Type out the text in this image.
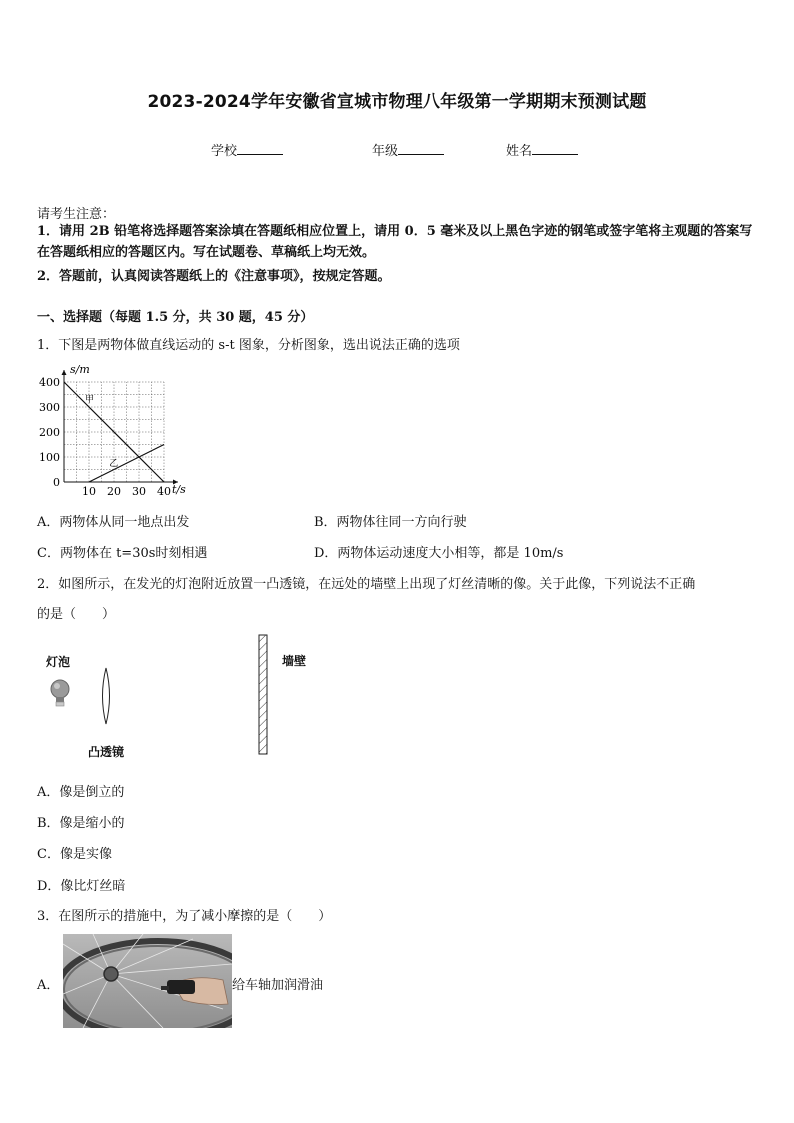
2023-2024学年安徽省宣城市物理八年级第一学期期末预测试题
学校	年级	姓名
请考生注意：
1．请用 2B 铅笔将选择题答案涂填在答题纸相应位置上，请用 0．5 毫米及以上黑色字迹的钢笔或签字笔将主观题的答案写在答题纸相应的答题区内。写在试题卷、草稿纸上均无效。
2．答题前，认真阅读答题纸上的《注意事项》，按规定答题。
一、选择题（每题 1.5 分，共 30 题，45 分）
1．下图是两物体做直线运动的 s-t 图象，分析图象，选出说法正确的选项
甲
乙
0
100
200
300
400
10 20 30 40 t/s
s/m
A．两物体从同一地点出发	B．两物体往同一方向行驶
C．两物体在 t=30s时刻相遇	D．两物体运动速度大小相等，都是 10m/s
2．如图所示，在发光的灯泡附近放置一凸透镜，在远处的墙壁上出现了灯丝清晰的像。关于此像，下列说法不正确
的是（　　）
灯泡
凸透镜
墙壁
A．像是倒立的
B．像是缩小的
C．像是实像
D．像比灯丝暗
3．在图所示的措施中，为了减小摩擦的是（　　）
A．	给车轴加润滑油
